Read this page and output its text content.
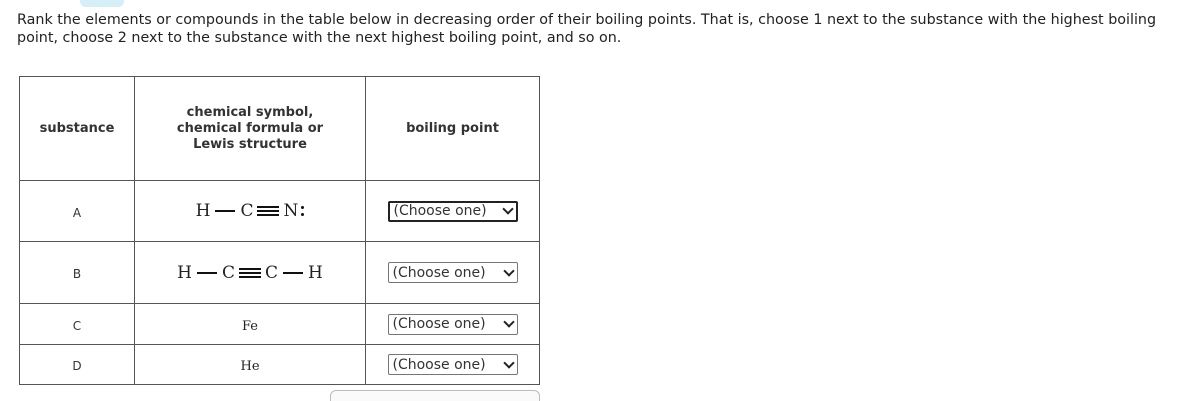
Rank the elements or compounds in the table below in decreasing order of their boiling points. That is, choose 1 next to the substance with the highest boiling point, choose 2 next to the substance with the next highest boiling point, and so on.
substance	chemical symbol, chemical formula or Lewis structure	boiling point
A	H C N	(Choose one)

B	H C C H	(Choose one)

C	Fe	(Choose one)

D	He	(Choose one)
